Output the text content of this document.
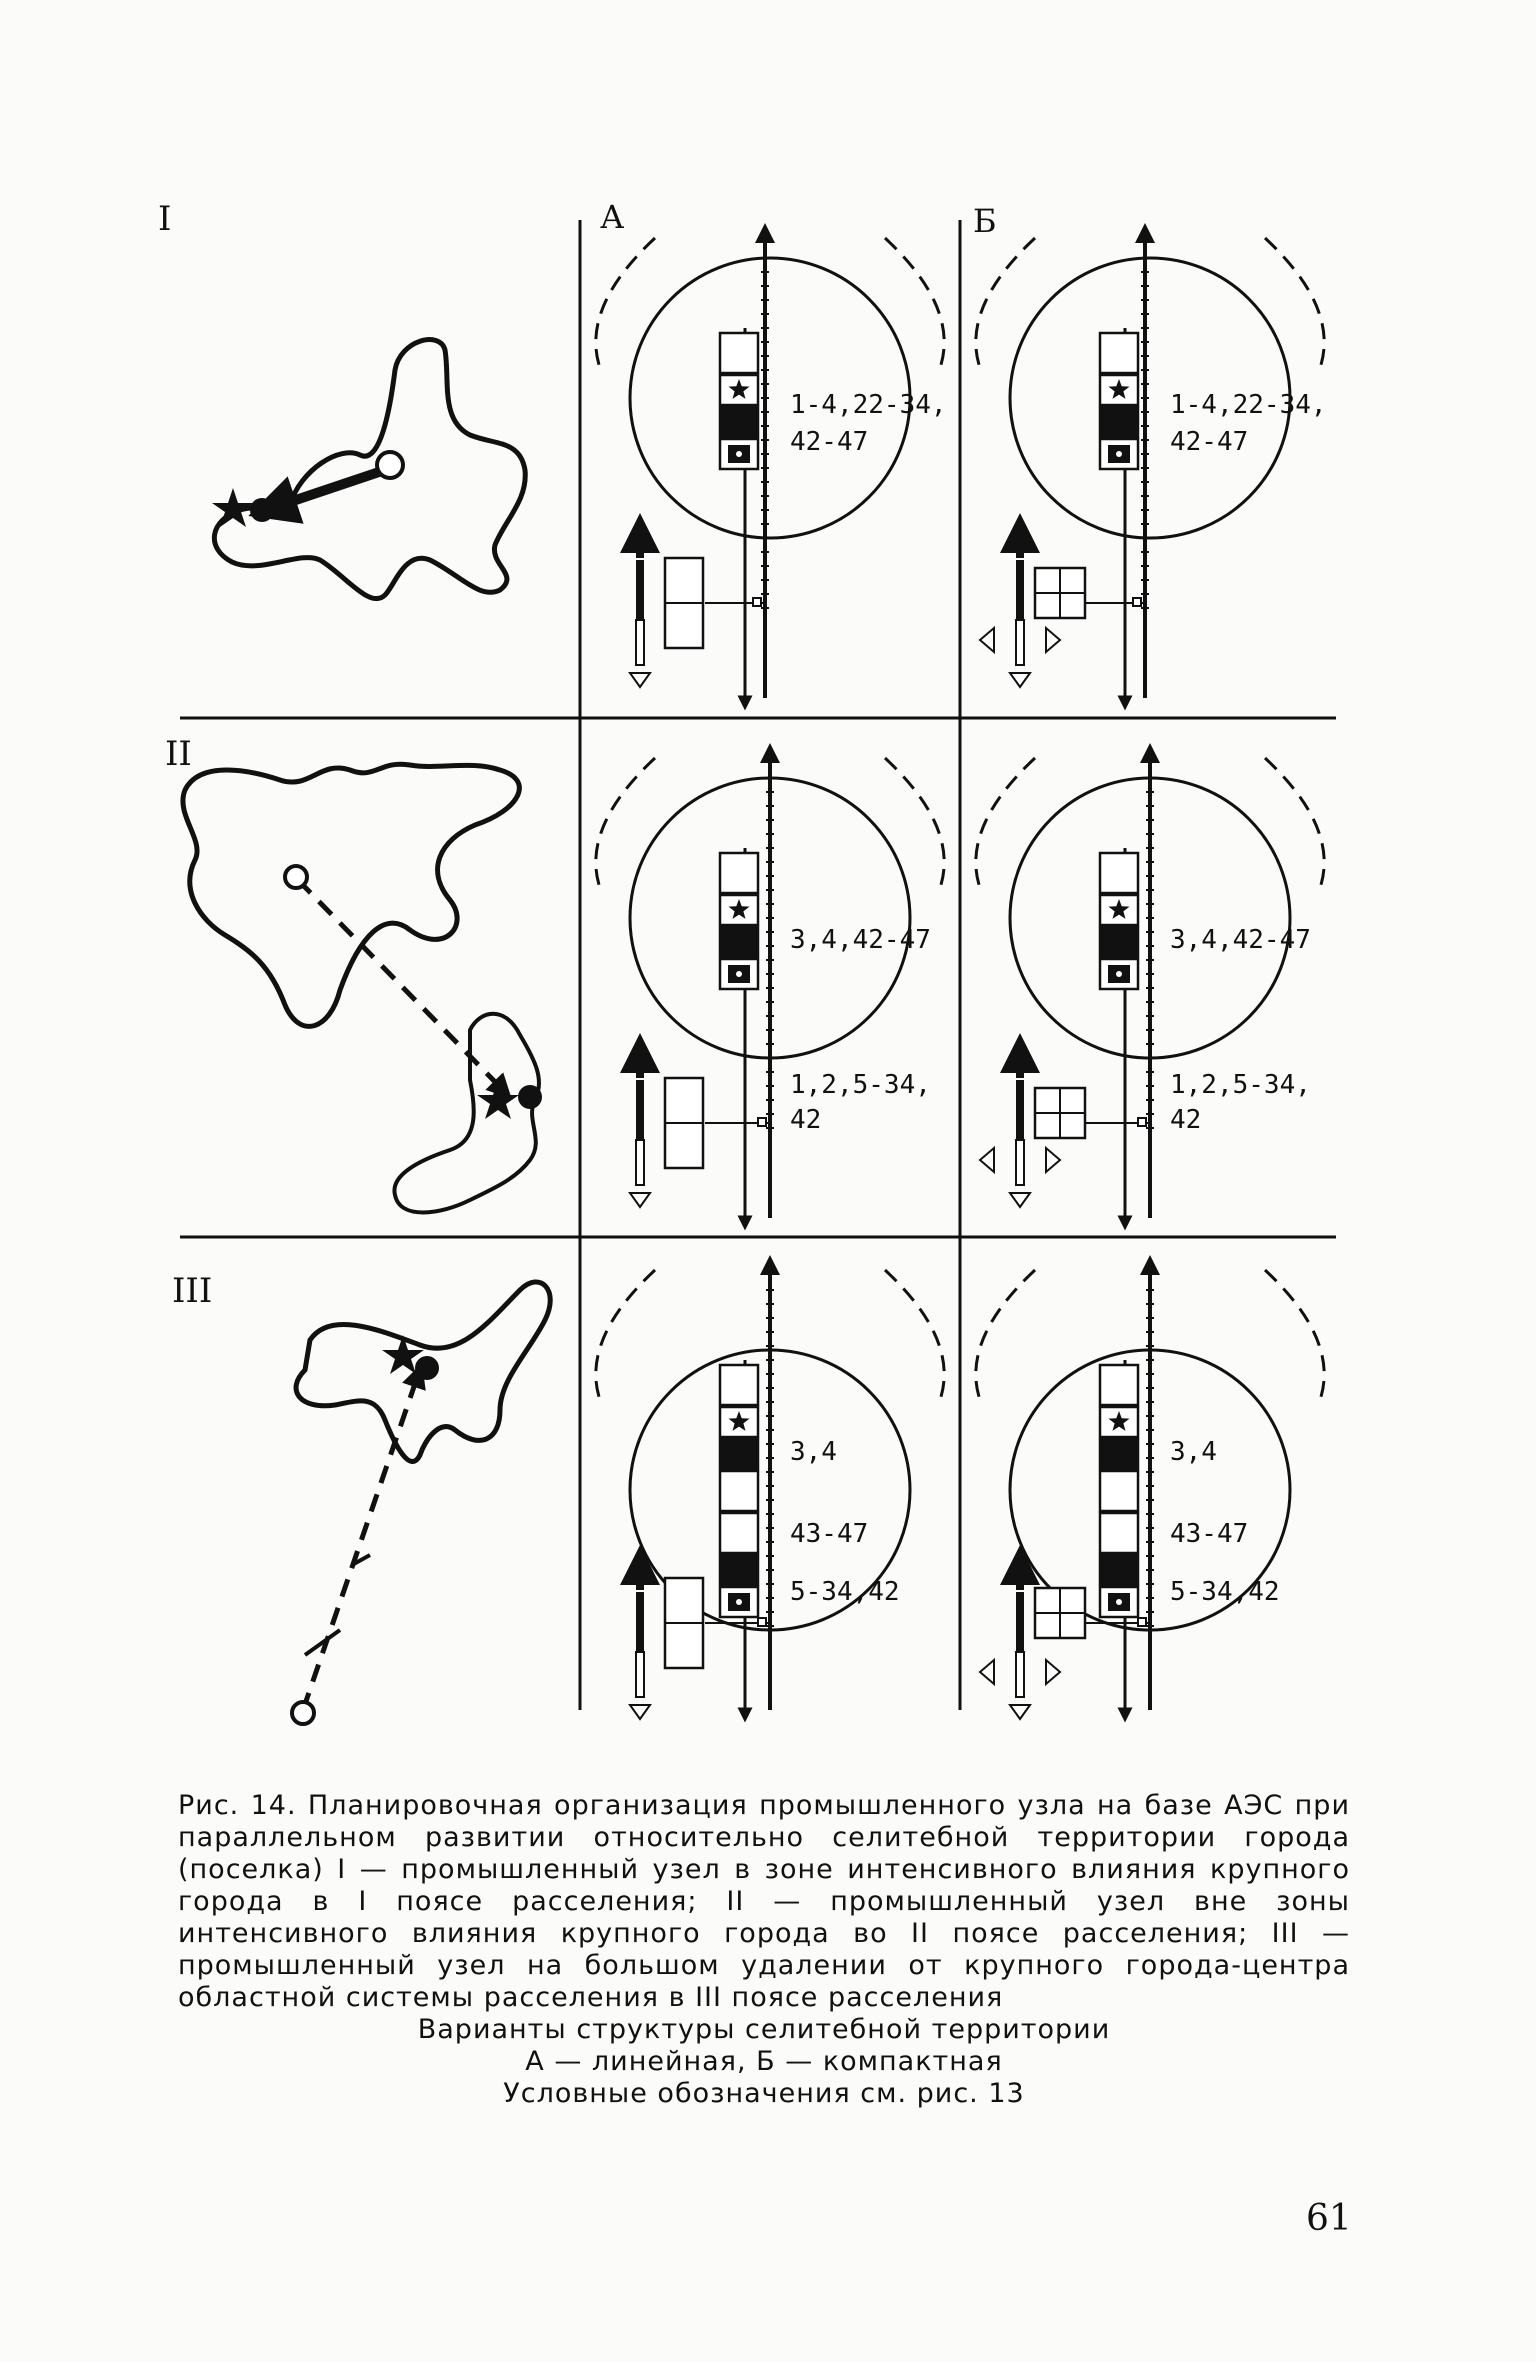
А	Б
I
II
III
1-4,22-34,
42-47
1-4,22-34,
42-47
3,4,42-47
1,2,5-34,
42
3,4,42-47
1,2,5-34,
42
3,4
43-47
5-34,42
3,4
43-47
5-34,42
Рис. 14. Планировочная организация промышленного узла на базе АЭС при параллельном развитии относительно селитебной территории города (поселка) I — промышленный узел в зоне интенсивного влияния крупного города в I поясе расселения; II — промышленный узел вне зоны интенсивного влияния крупного города во II поясе расселения; III — промышленный узел на большом удалении от крупного города-центра областной системы расселения в III поясе расселения
Варианты структуры селитебной территории
А — линейная, Б — компактная
Условные обозначения см. рис. 13
61
